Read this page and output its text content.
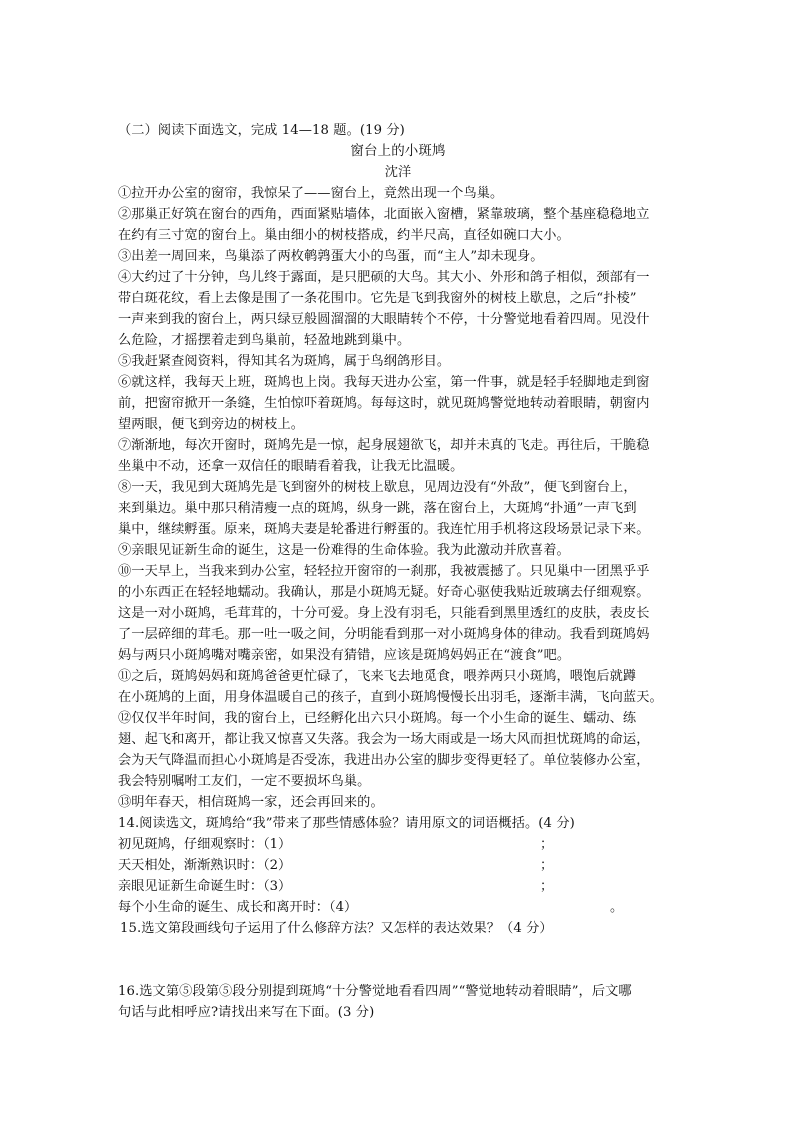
（二）阅读下面选文，完成 14—18 题。(19 分)
窗台上的小斑鸠
沈洋
①拉开办公室的窗帘，我惊呆了——窗台上，竟然出现一个鸟巢。
②那巢正好筑在窗台的西角，西面紧贴墙体，北面嵌入窗槽，紧靠玻璃，整个基座稳稳地立
在约有三寸宽的窗台上。巢由细小的树枝搭成，约半尺高，直径如碗口大小。
③出差一周回来，鸟巢添了两枚鹌鹑蛋大小的鸟蛋，而“主人”却未现身。
④大约过了十分钟，鸟儿终于露面，是只肥硕的大鸟。其大小、外形和鸽子相似，颈部有一
带白斑花纹，看上去像是围了一条花围巾。它先是飞到我窗外的树枝上歇息，之后“扑棱”
一声来到我的窗台上，两只绿豆般圆溜溜的大眼睛转个不停，十分警觉地看着四周。见没什
么危险，才摇摆着走到鸟巢前，轻盈地跳到巢中。
⑤我赶紧查阅资料，得知其名为斑鸠，属于鸟纲鸽形目。
⑥就这样，我每天上班，斑鸠也上岗。我每天进办公室，第一件事，就是轻手轻脚地走到窗
前，把窗帘掀开一条缝，生怕惊吓着斑鸠。每每这时，就见斑鸠警觉地转动着眼睛，朝窗内
望两眼，便飞到旁边的树枝上。
⑦渐渐地，每次开窗时，斑鸠先是一惊，起身展翅欲飞，却并未真的飞走。再往后，干脆稳
坐巢中不动，还拿一双信任的眼睛看着我，让我无比温暖。
⑧一天，我见到大斑鸠先是飞到窗外的树枝上歇息，见周边没有“外敌”，便飞到窗台上，
来到巢边。巢中那只稍清瘦一点的斑鸠，纵身一跳，落在窗台上，大斑鸠“扑通”一声飞到
巢中，继续孵蛋。原来，斑鸠夫妻是轮番进行孵蛋的。我连忙用手机将这段场景记录下来。
⑨亲眼见证新生命的诞生，这是一份难得的生命体验。我为此激动并欣喜着。
⑩一天早上，当我来到办公室，轻轻拉开窗帘的一刹那，我被震撼了。只见巢中一团黑乎乎
的小东西正在轻轻地蠕动。我确认，那是小斑鸠无疑。好奇心驱使我贴近玻璃去仔细观察。
这是一对小斑鸠，毛茸茸的，十分可爱。身上没有羽毛，只能看到黑里透红的皮肤，表皮长
了一层碎细的茸毛。那一吐一吸之间，分明能看到那一对小斑鸠身体的律动。我看到斑鸠妈
妈与两只小斑鸠嘴对嘴亲密，如果没有猜错，应该是斑鸠妈妈正在“渡食”吧。
⑪之后，斑鸠妈妈和斑鸠爸爸更忙碌了，飞来飞去地觅食，喂养两只小斑鸠，喂饱后就蹲
在小斑鸠的上面，用身体温暖自己的孩子，直到小斑鸠慢慢长出羽毛，逐渐丰满，飞向蓝天。
⑫仅仅半年时间，我的窗台上，已经孵化出六只小斑鸠。每一个小生命的诞生、蠕动、练
翅、起飞和离开，都让我又惊喜又失落。我会为一场大雨或是一场大风而担忧斑鸠的命运，
会为天气降温而担心小斑鸠是否受冻，我进出办公室的脚步变得更轻了。单位装修办公室，
我会特别嘱咐工友们，一定不要损坏鸟巢。
⑬明年春天，相信斑鸠一家，还会再回来的。
14.阅读选文，斑鸠给“我”带来了那些情感体验？请用原文的词语概括。(4 分)
初见斑鸠，仔细观察时：（1）	；
天天相处，渐渐熟识时：（2）	；
亲眼见证新生命诞生时：（3）	；
每个小生命的诞生、成长和离开时：（4）	。
15.选文第段画线句子运用了什么修辞方法？又怎样的表达效果？（4 分）
16.选文第⑤段第⑤段分别提到斑鸠“十分警觉地看看四周”“警觉地转动着眼睛”，后文哪
句话与此相呼应?请找出来写在下面。(3 分)
